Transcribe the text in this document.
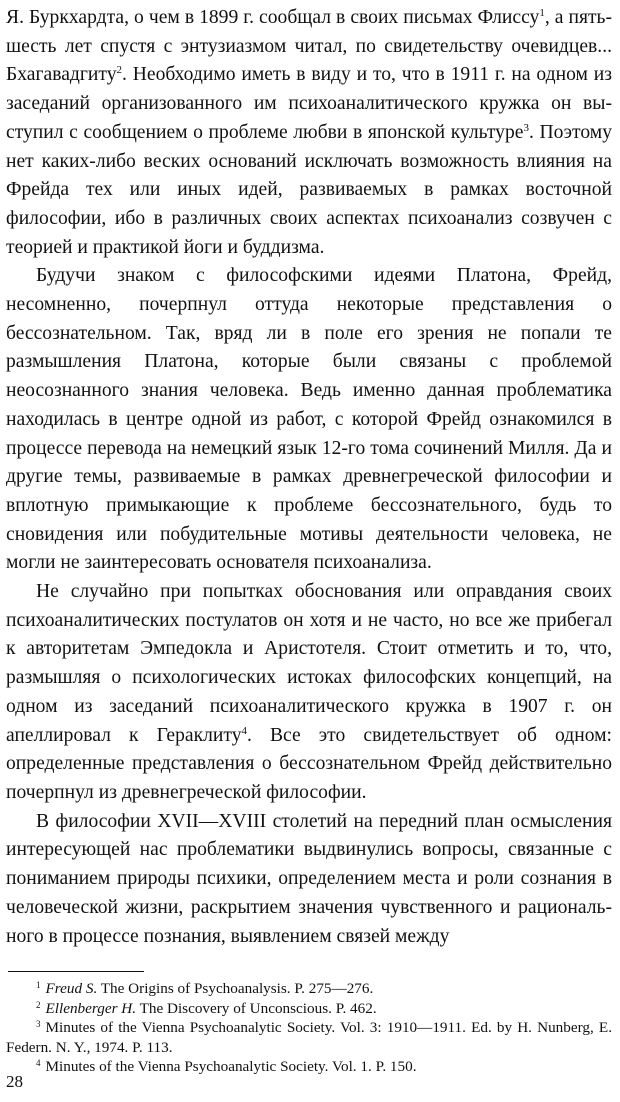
Я. Буркхардта, о чем в 1899 г. сообщал в своих письмах Флиссу$^1$, а пять-шесть лет спустя с энтузиазмом читал, по свидетельству очевидцев... Бхагавадгиту$^2$. Необходимо иметь в виду и то, что в 1911 г. на одном из заседаний организованного им психоаналитического кружка он выступил с сообщением о проблеме любви в японской культуре$^3$. Поэтому нет каких-либо веских оснований исключать возможность влияния на Фрейда тех или иных идей, развиваемых в рамках восточной философии, ибо в различных своих аспектах психоанализ созвучен с теорией и практикой йоги и буддизма.

Будучи знаком с философскими идеями Платона, Фрейд, несомненно, почерпнул оттуда некоторые представления о бессознательном. Так, вряд ли в поле его зрения не попали те размышления Платона, которые были связаны с проблемой неосознанного знания человека. Ведь именно данная проблематика находилась в центре одной из работ, с которой Фрейд ознакомился в процессе перевода на немецкий язык 12-го тома сочинений Милля. Да и другие темы, развиваемые в рамках древнегреческой философии и вплотную примыкающие к проблеме бессознательного, будь то сновидения или побудительные мотивы деятельности человека, не могли не заинтересовать основателя психоанализа.

Не случайно при попытках обоснования или оправдания своих психоаналитических постулатов он хотя и не часто, но все же прибегал к авторитетам Эмпедокла и Аристотеля. Стоит отметить и то, что, размышляя о психологических истоках философских концепций, на одном из заседаний психоаналитического кружка в 1907 г. он апеллировал к Гераклиту$^4$. Все это свидетельствует об одном: определенные представления о бессознательном Фрейд действительно почерпнул из древнегреческой философии.

В философии XVII—XVIII столетий на передний план осмысления интересующей нас проблематики выдвинулись вопросы, связанные с пониманием природы психики, определением места и роли сознания в человеческой жизни, раскрытием значения чувственного и рационального в процессе познания, выявлением связей между

$^1$ Freud S. The Origins of Psychoanalysis. P. 275—276.

$^2$ Ellenberger H. The Discovery of Unconscious. P. 462.

$^3$ Minutes of the Vienna Psychoanalytic Society. Vol. 3: 1910—1911. Ed. by H. Nunberg, E. Federn. N. Y., 1974. P. 113.

$^4$ Minutes of the Vienna Psychoanalytic Society. Vol. 1. P. 150.

28
